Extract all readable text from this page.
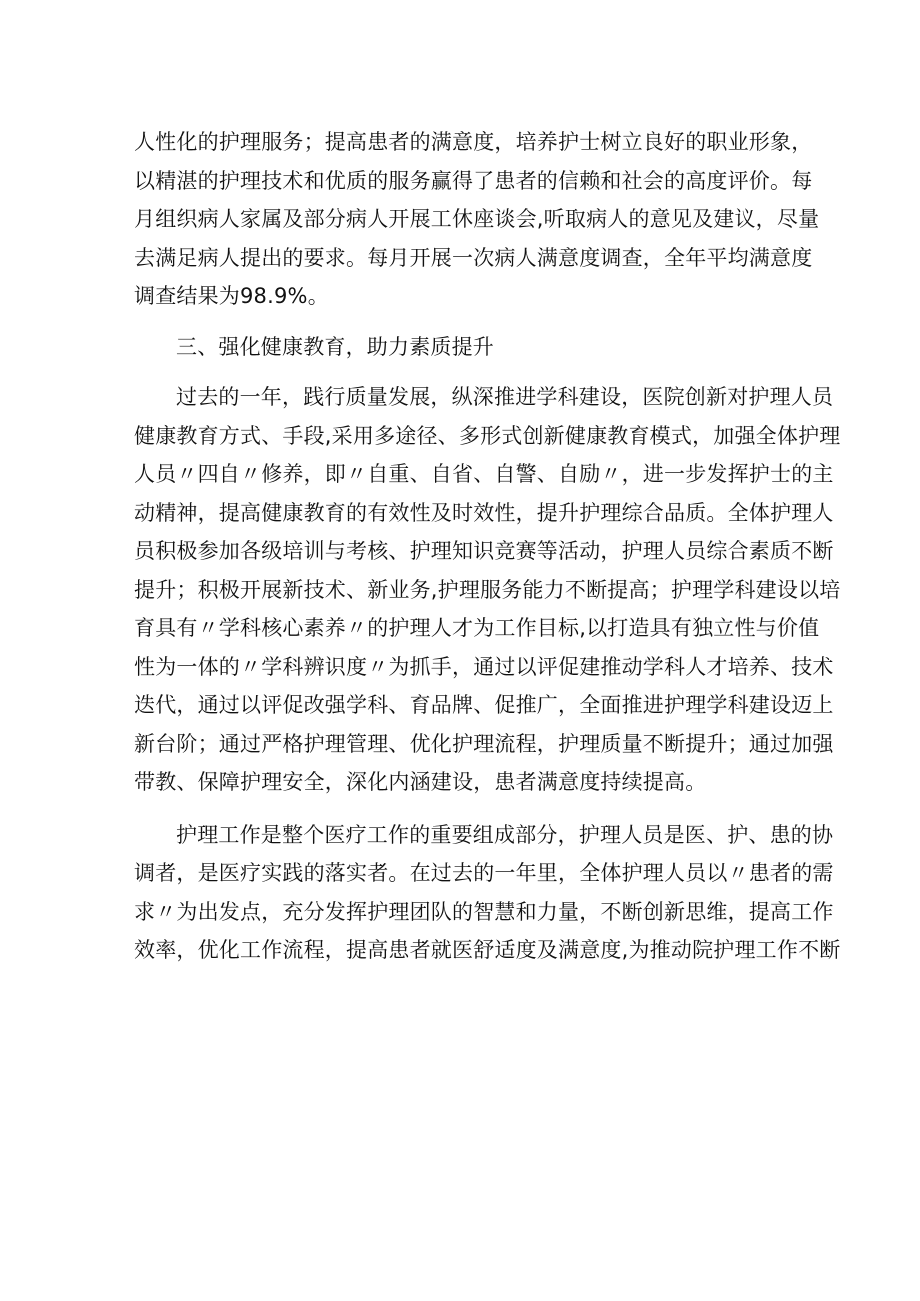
人性化的护理服务；提高患者的满意度，培养护士树立良好的职业形象，
以精湛的护理技术和优质的服务赢得了患者的信赖和社会的高度评价。每
月组织病人家属及部分病人开展工休座谈会,听取病人的意见及建议，尽量
去满足病人提出的要求。每月开展一次病人满意度调查，全年平均满意度
调查结果为98.9%。
三、强化健康教育，助力素质提升
过去的一年，践行质量发展，纵深推进学科建设，医院创新对护理人员
健康教育方式、手段,采用多途径、多形式创新健康教育模式，加强全体护理
人员〃四自〃修养，即〃自重、自省、自警、自励〃，进一步发挥护士的主
动精神，提高健康教育的有效性及时效性，提升护理综合品质。全体护理人
员积极参加各级培训与考核、护理知识竞赛等活动，护理人员综合素质不断
提升；积极开展新技术、新业务,护理服务能力不断提高；护理学科建设以培
育具有〃学科核心素养〃的护理人才为工作目标,以打造具有独立性与价值
性为一体的〃学科辨识度〃为抓手，通过以评促建推动学科人才培养、技术
迭代，通过以评促改强学科、育品牌、促推广，全面推进护理学科建设迈上
新台阶；通过严格护理管理、优化护理流程，护理质量不断提升；通过加强
带教、保障护理安全，深化内涵建设，患者满意度持续提高。
护理工作是整个医疗工作的重要组成部分，护理人员是医、护、患的协
调者，是医疗实践的落实者。在过去的一年里，全体护理人员以〃患者的需
求〃为出发点，充分发挥护理团队的智慧和力量，不断创新思维，提高工作
效率，优化工作流程，提高患者就医舒适度及满意度,为推动院护理工作不断
